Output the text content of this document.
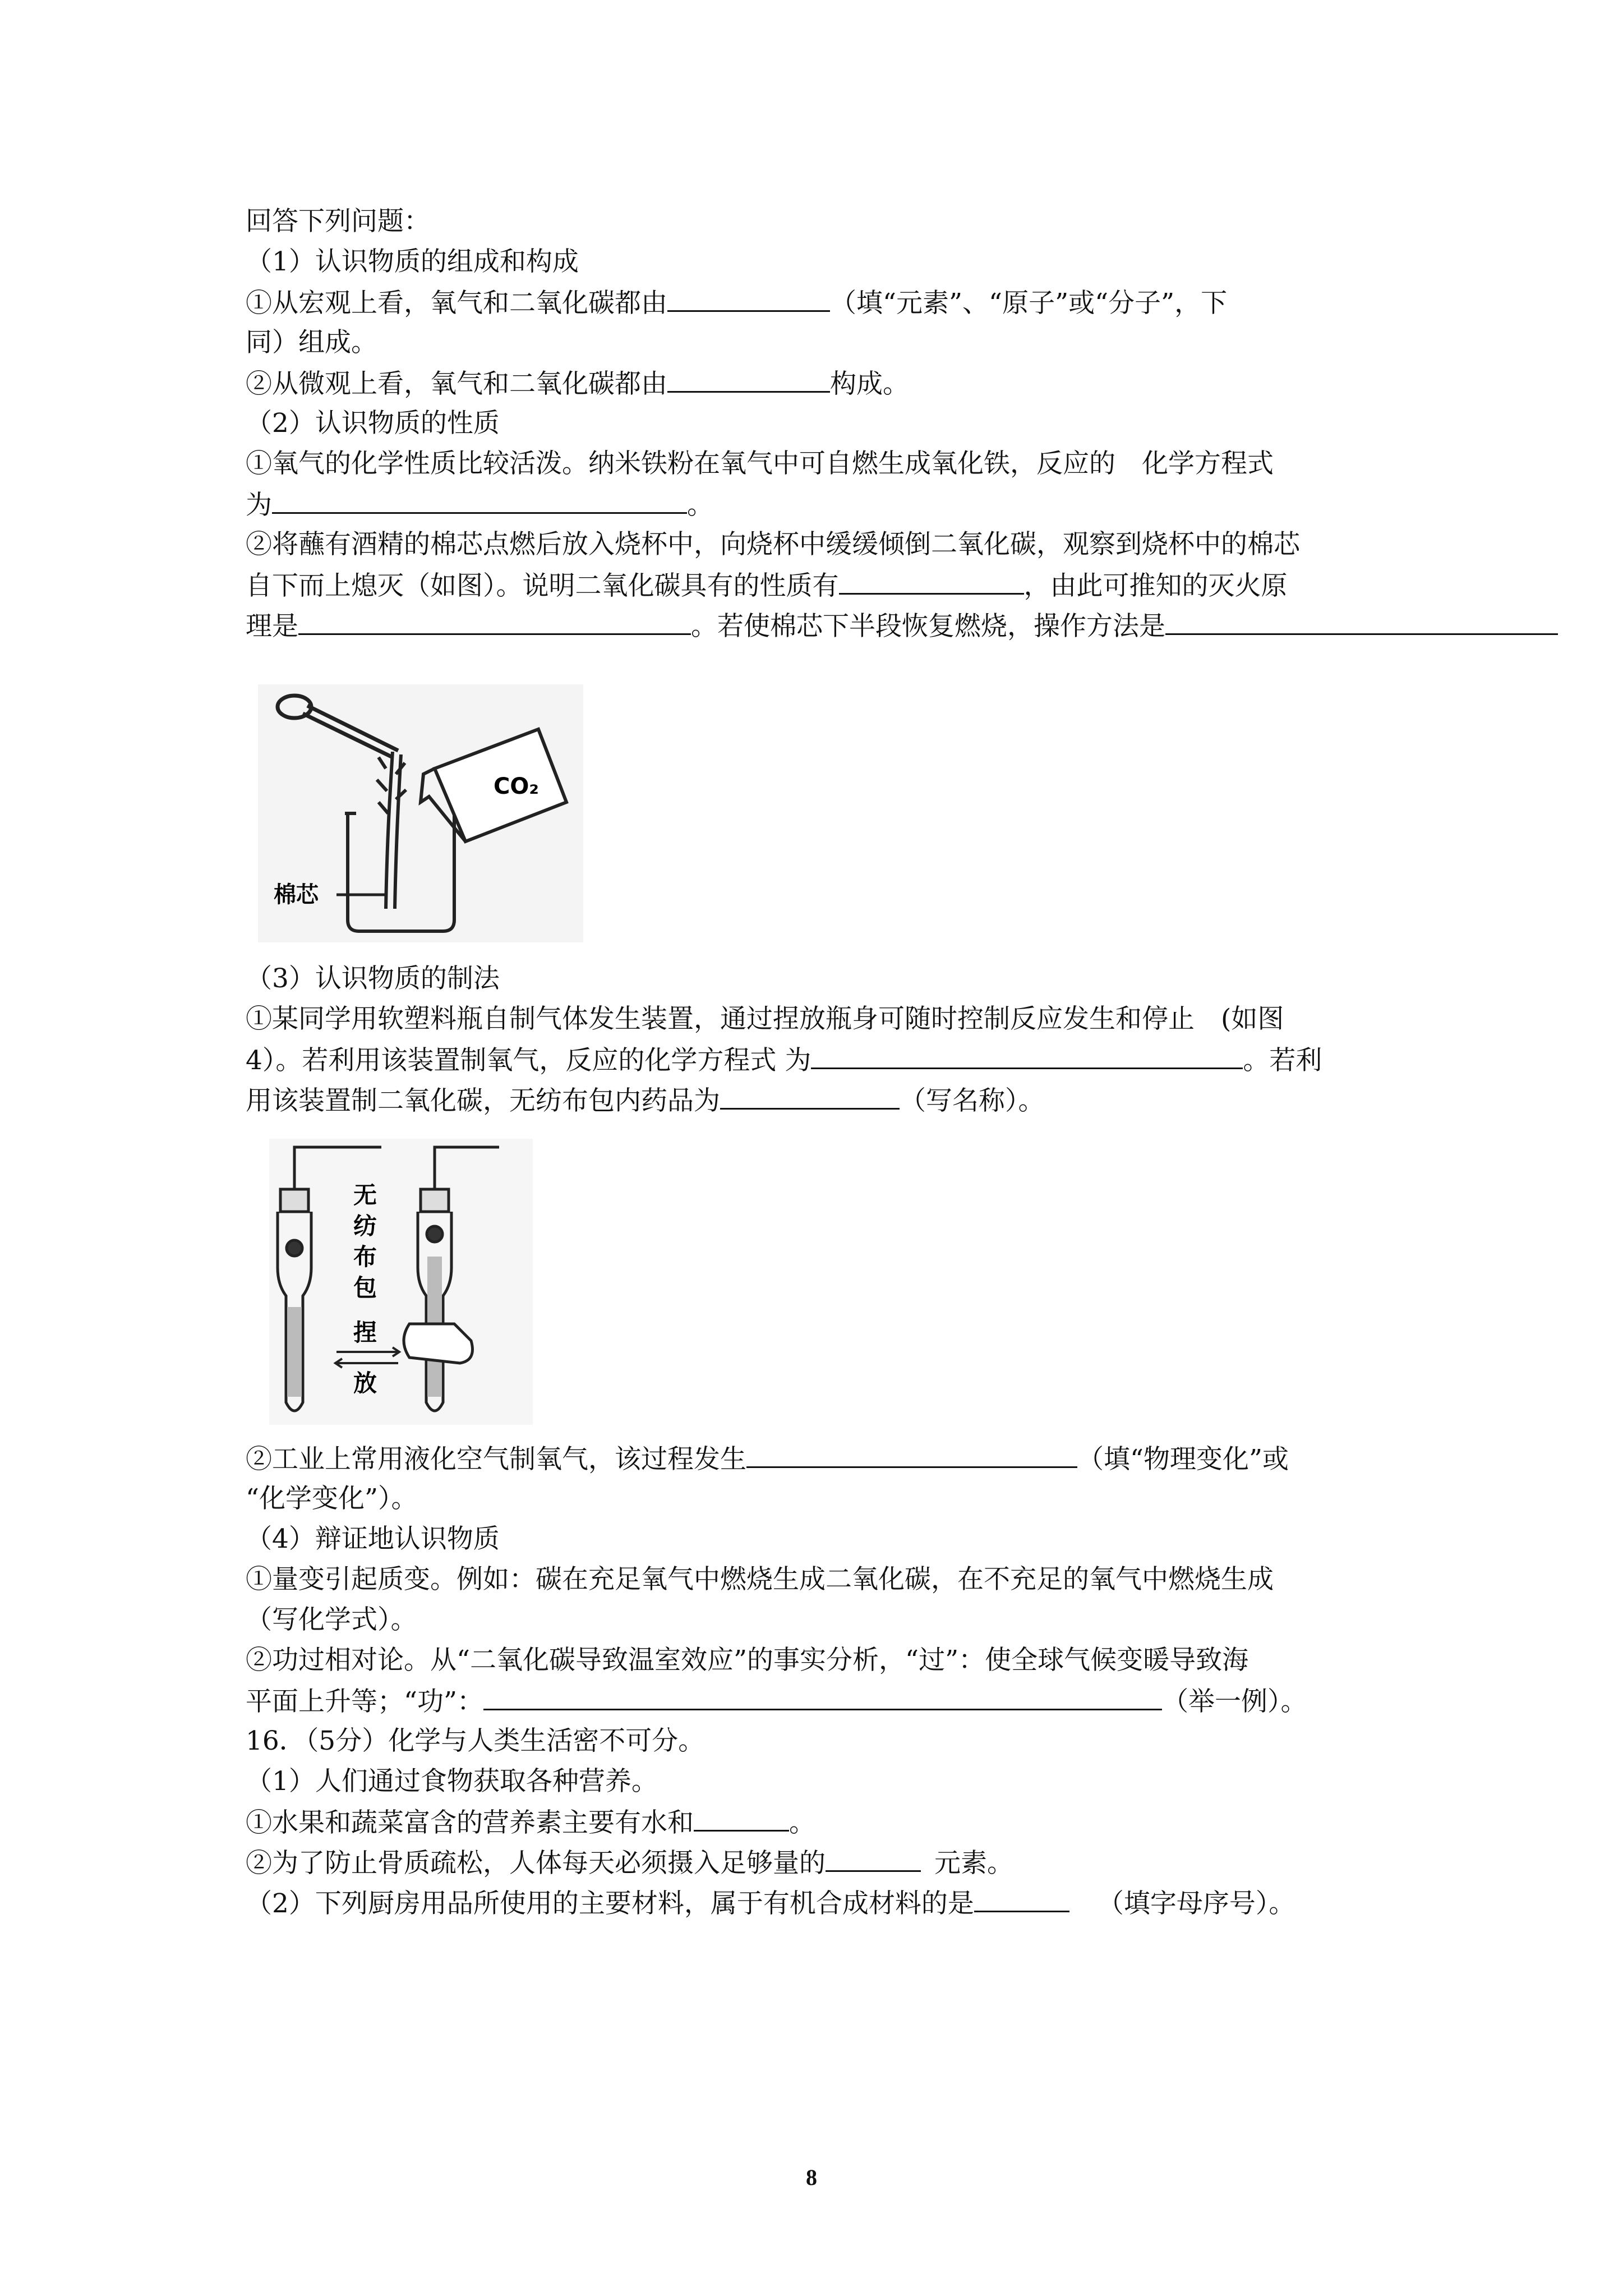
回答下列问题：
（1）认识物质的组成和构成
①从宏观上看，氧气和二氧化碳都由	（填“元素”、“原子”或“分子”，下
同）组成。
②从微观上看，氧气和二氧化碳都由	构成。
（2）认识物质的性质
①氧气的化学性质比较活泼。纳米铁粉在氧气中可自燃生成氧化铁，反应的　化学方程式
为	。
②将蘸有酒精的棉芯点燃后放入烧杯中，向烧杯中缓缓倾倒二氧化碳，观察到烧杯中的棉芯
自下而上熄灭（如图）。说明二氧化碳具有的性质有	，由此可推知的灭火原
理是	。若使棉芯下半段恢复燃烧，操作方法是
CO₂
棉芯
（3）认识物质的制法
①某同学用软塑料瓶自制气体发生装置，通过捏放瓶身可随时控制反应发生和停止　(如图
4）。若利用该装置制氧气，反应的化学方程式 为	。若利
用该装置制二氧化碳，无纺布包内药品为	（写名称）。
无
纺
布
包
捏
放
②工业上常用液化空气制氧气，该过程发生	（填“物理变化”或
“化学变化”）。
（4）辩证地认识物质
①量变引起质变。例如：碳在充足氧气中燃烧生成二氧化碳，在不充足的氧气中燃烧生成
（写化学式）。
②功过相对论。从“二氧化碳导致温室效应”的事实分析，“过”：使全球气候变暖导致海
平面上升等；“功”：	（举一例）。
16．（5分）化学与人类生活密不可分。
（1）人们通过食物获取各种营养。
①水果和蔬菜富含的营养素主要有水和	。
②为了防止骨质疏松，人体每天必须摄入足够量的	元素。
（2）下列厨房用品所使用的主要材料，属于有机合成材料的是	（填字母序号）。
8
